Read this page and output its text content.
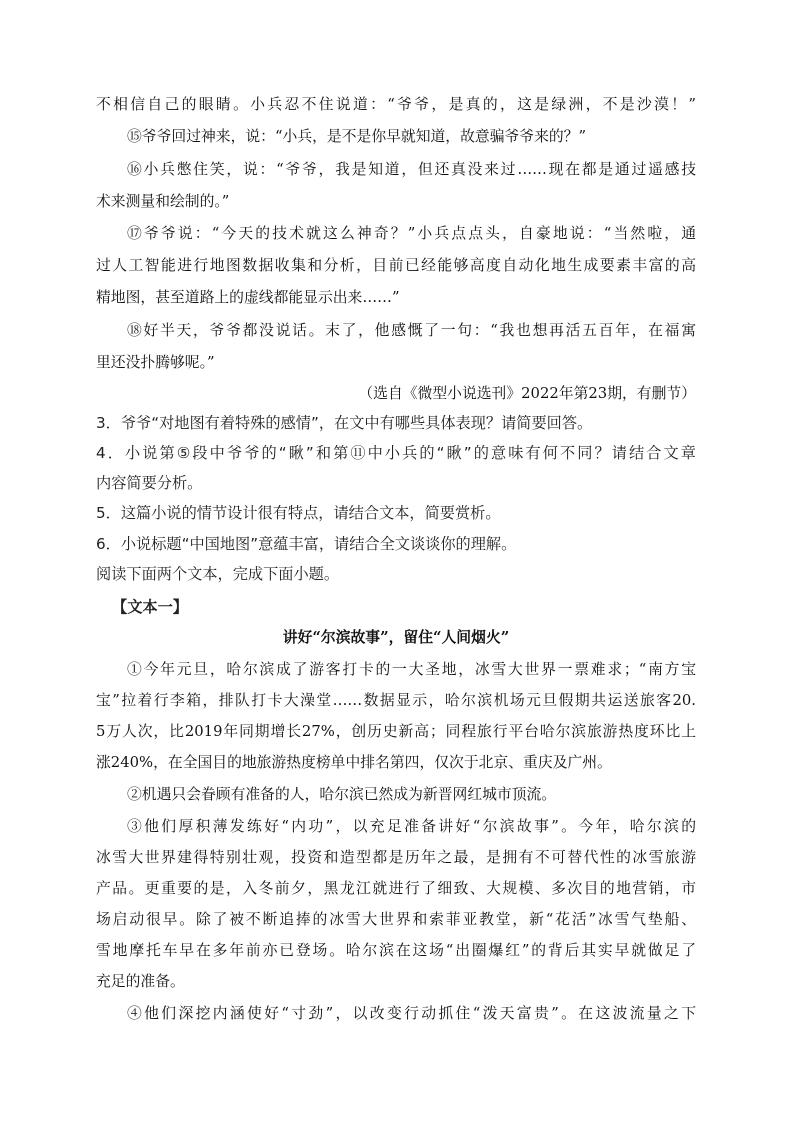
不相信自己的眼睛。小兵忍不住说道：“爷爷，是真的，这是绿洲，不是沙漠！”
⑮爷爷回过神来，说：“小兵，是不是你早就知道，故意骗爷爷来的？”
⑯小兵憋住笑，说：“爷爷，我是知道，但还真没来过……现在都是通过遥感技
术来测量和绘制的。”
⑰爷爷说：“今天的技术就这么神奇？”小兵点点头，自豪地说：“当然啦，通
过人工智能进行地图数据收集和分析，目前已经能够高度自动化地生成要素丰富的高
精地图，甚至道路上的虚线都能显示出来……”
⑱好半天，爷爷都没说话。末了，他感慨了一句：“我也想再活五百年，在福寓
里还没扑腾够呢。”
（选自《微型小说选刊》2022年第23期，有删节）
3．爷爷“对地图有着特殊的感情”，在文中有哪些具体表现？请简要回答。
4．小说第⑤段中爷爷的“瞅”和第⑪中小兵的“瞅”的意味有何不同？请结合文章
内容简要分析。
5．这篇小说的情节设计很有特点，请结合文本，简要赏析。
6．小说标题“中国地图”意蕴丰富，请结合全文谈谈你的理解。
阅读下面两个文本，完成下面小题。
【文本一】
讲好“尔滨故事”，留住“人间烟火”
①今年元旦，哈尔滨成了游客打卡的一大圣地，冰雪大世界一票难求；“南方宝
宝”拉着行李箱，排队打卡大澡堂……数据显示，哈尔滨机场元旦假期共运送旅客20.
5万人次，比2019年同期增长27%，创历史新高；同程旅行平台哈尔滨旅游热度环比上
涨240%，在全国目的地旅游热度榜单中排名第四，仅次于北京、重庆及广州。
②机遇只会眷顾有准备的人，哈尔滨已然成为新晋网红城市顶流。
③他们厚积薄发练好“内功”，以充足准备讲好“尔滨故事”。今年，哈尔滨的
冰雪大世界建得特别壮观，投资和造型都是历年之最，是拥有不可替代性的冰雪旅游
产品。更重要的是，入冬前夕，黑龙江就进行了细致、大规模、多次目的地营销，市
场启动很早。除了被不断追捧的冰雪大世界和索菲亚教堂，新“花活”冰雪气垫船、
雪地摩托车早在多年前亦已登场。哈尔滨在这场“出圈爆红”的背后其实早就做足了
充足的准备。
④他们深挖内涵使好“寸劲”，以改变行动抓住“泼天富贵”。在这波流量之下
